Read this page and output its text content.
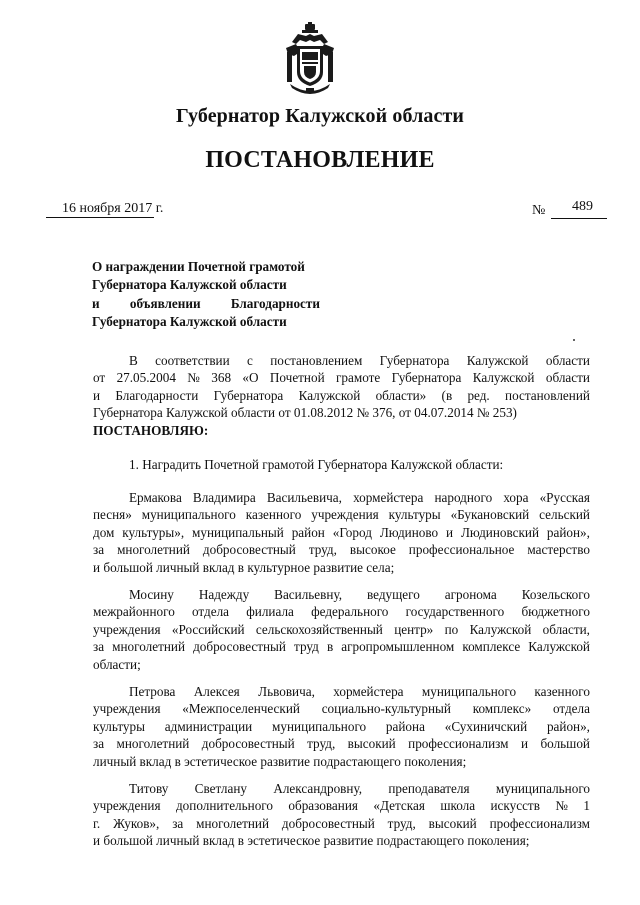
Губернатор Калужской области
ПОСТАНОВЛЕНИЕ
16 ноября 2017 г.	№ 489
О награждении Почетной грамотой
Губернатора Калужской области
и объявлении Благодарности
Губернатора Калужской области
В соответствии с постановлением Губернатора Калужской области
от 27.05.2004 № 368 «О Почетной грамоте Губернатора Калужской области
и Благодарности Губернатора Калужской области» (в ред. постановлений
Губернатора Калужской области от 01.08.2012 № 376, от 04.07.2014 № 253)
ПОСТАНОВЛЯЮ:
1. Наградить Почетной грамотой Губернатора Калужской области:
Ермакова Владимира Васильевича, хормейстера народного хора «Русская
песня» муниципального казенного учреждения культуры «Букановский сельский
дом культуры», муниципальный район «Город Людиново и Людиновский район»,
за многолетний добросовестный труд, высокое профессиональное мастерство
и большой личный вклад в культурное развитие села;
Мосину Надежду Васильевну, ведущего агронома Козельского
межрайонного отдела филиала федерального государственного бюджетного
учреждения «Российский сельскохозяйственный центр» по Калужской области,
за многолетний добросовестный труд в агропромышленном комплексе Калужской
области;
Петрова Алексея Львовича, хормейстера муниципального казенного
учреждения «Межпоселенческий социально-культурный комплекс» отдела
культуры администрации муниципального района «Сухиничский район»,
за многолетний добросовестный труд, высокий профессионализм и большой
личный вклад в эстетическое развитие подрастающего поколения;
Титову Светлану Александровну, преподавателя муниципального
учреждения дополнительного образования «Детская школа искусств № 1
г. Жуков», за многолетний добросовестный труд, высокий профессионализм
и большой личный вклад в эстетическое развитие подрастающего поколения;
